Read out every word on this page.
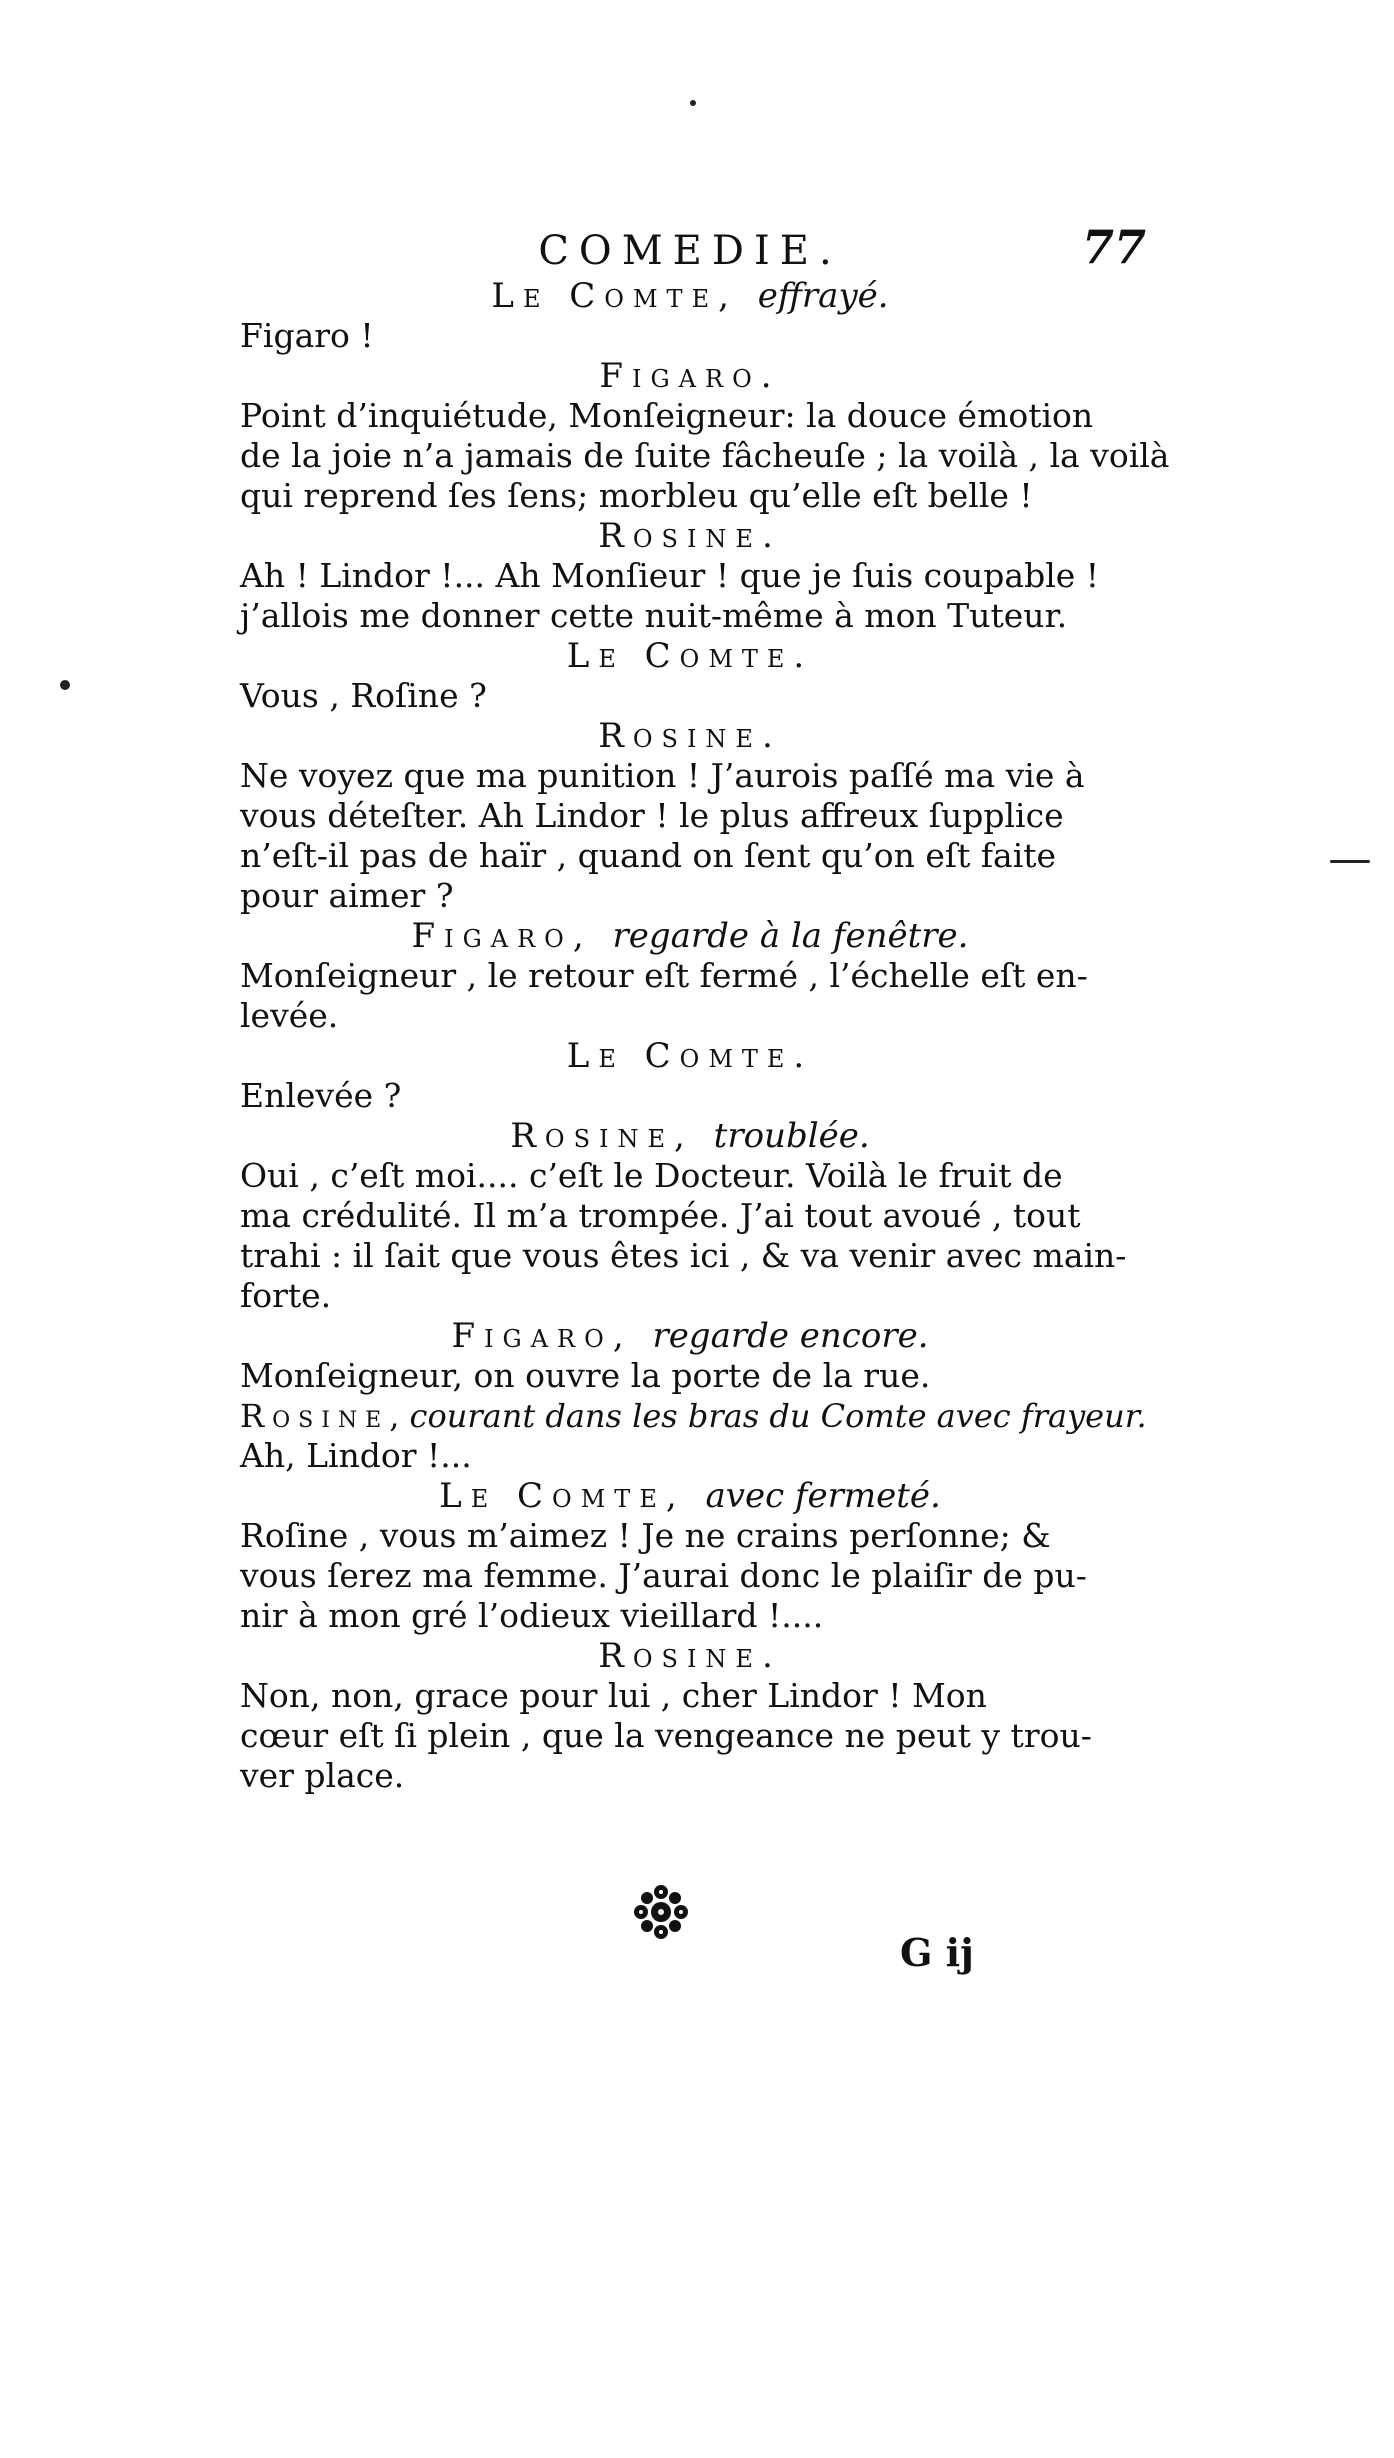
COMEDIE.	77
Le Comte, effrayé.
Figaro !
Figaro.
Point d’inquiétude, Monſeigneur: la douce émotion
de la joie n’a jamais de ſuite fâcheuſe ; la voilà , la voilà
qui reprend ſes ſens; morbleu qu’elle eſt belle !
Rosine.
Ah ! Lindor !... Ah Monſieur ! que je ſuis coupable !
j’allois me donner cette nuit-même à mon Tuteur.
Le Comte.
Vous , Roſine ?
Rosine.
Ne voyez que ma punition ! J’aurois paſſé ma vie à
vous déteſter. Ah Lindor ! le plus affreux ſupplice
n’eſt-il pas de haïr , quand on ſent qu’on eſt faite
pour aimer ?
Figaro, regarde à la fenêtre.
Monſeigneur , le retour eſt fermé , l’échelle eſt en-
levée.
Le Comte.
Enlevée ?
Rosine, troublée.
Oui , c’eſt moi.... c’eſt le Docteur. Voilà le fruit de
ma crédulité. Il m’a trompée. J’ai tout avoué , tout
trahi : il ſait que vous êtes ici , & va venir avec main-
forte.
Figaro, regarde encore.
Monſeigneur, on ouvre la porte de la rue.
Rosine, courant dans les bras du Comte avec frayeur.
Ah, Lindor !...
Le Comte, avec fermeté.
Roſine , vous m’aimez ! Je ne crains perſonne; &
vous ſerez ma femme. J’aurai donc le plaiſir de pu-
nir à mon gré l’odieux vieillard !....
Rosine.
Non, non, grace pour lui , cher Lindor ! Mon
cœur eſt ſi plein , que la vengeance ne peut y trou-
ver place.
G ij
